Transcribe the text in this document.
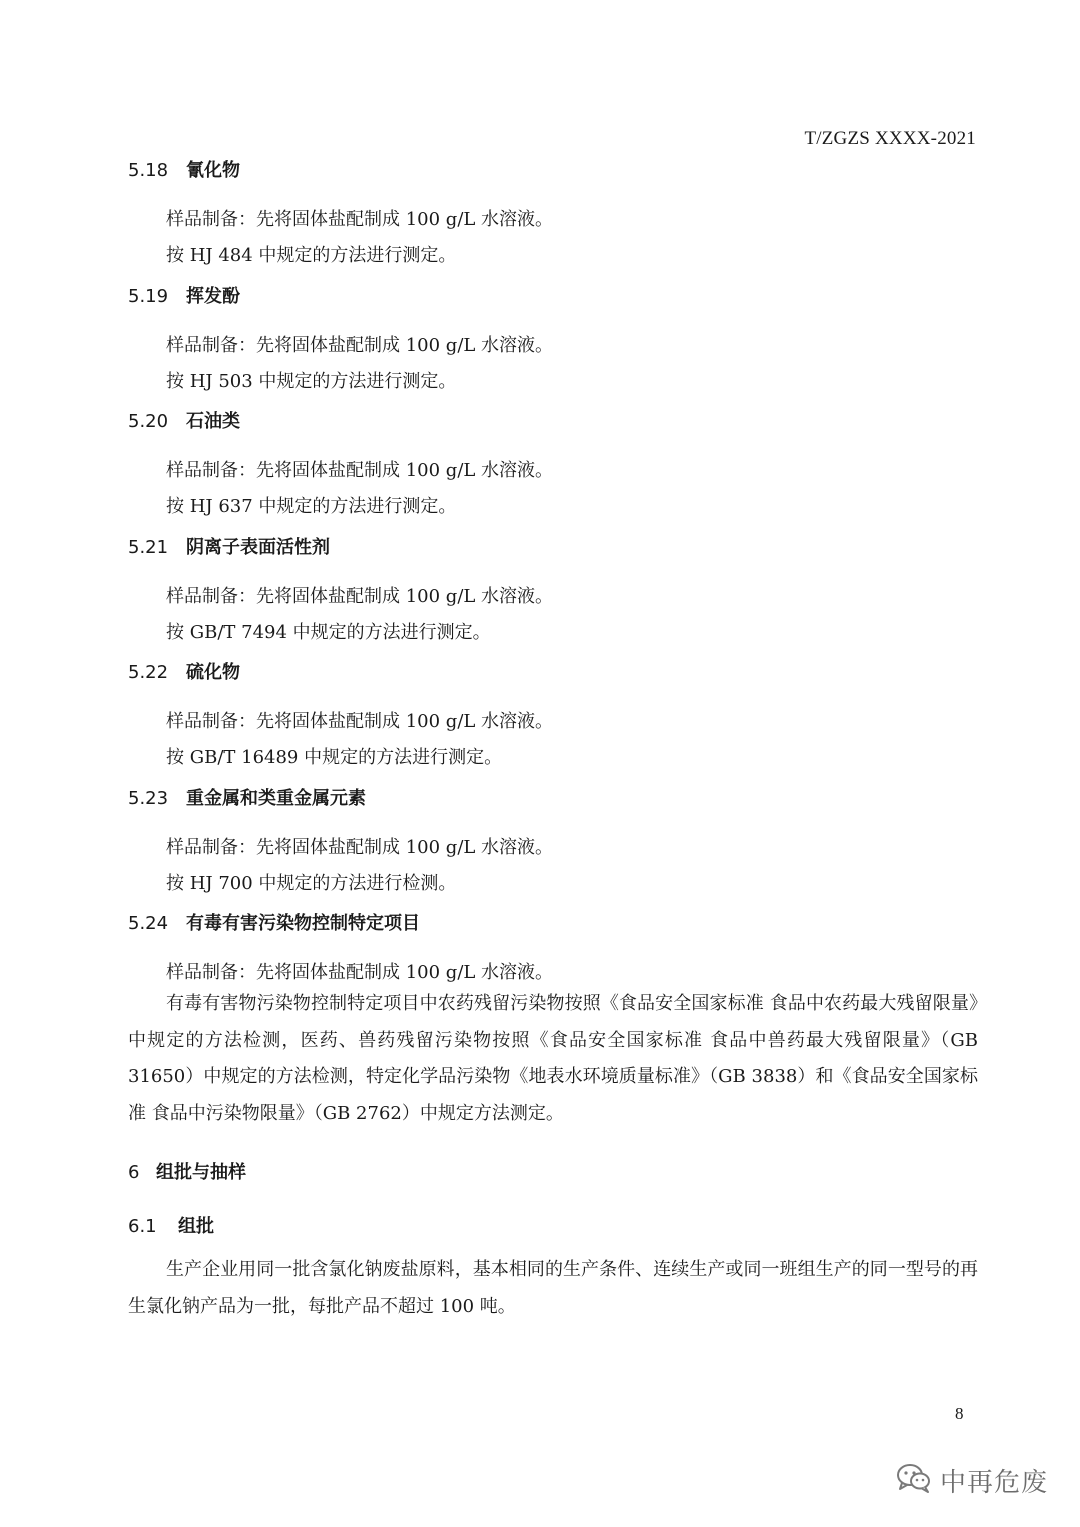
T/ZGZS XXXX-2021
5.18 氰化物
样品制备：先将固体盐配制成 100 g/L 水溶液。
按 HJ 484 中规定的方法进行测定。
5.19 挥发酚
样品制备：先将固体盐配制成 100 g/L 水溶液。
按 HJ 503 中规定的方法进行测定。
5.20 石油类
样品制备：先将固体盐配制成 100 g/L 水溶液。
按 HJ 637 中规定的方法进行测定。
5.21 阴离子表面活性剂
样品制备：先将固体盐配制成 100 g/L 水溶液。
按 GB/T 7494 中规定的方法进行测定。
5.22 硫化物
样品制备：先将固体盐配制成 100 g/L 水溶液。
按 GB/T 16489 中规定的方法进行测定。
5.23 重金属和类重金属元素
样品制备：先将固体盐配制成 100 g/L 水溶液。
按 HJ 700 中规定的方法进行检测。
5.24 有毒有害污染物控制特定项目
样品制备：先将固体盐配制成 100 g/L 水溶液。
有毒有害物污染物控制特定项目中农药残留污染物按照《食品安全国家标准 食品中农药最大残留限量》中规定的方法检测，医药、兽药残留污染物按照《食品安全国家标准 食品中兽药最大残留限量》（GB 31650）中规定的方法检测，特定化学品污染物《地表水环境质量标准》（GB 3838）和《食品安全国家标准 食品中污染物限量》（GB 2762）中规定方法测定。
6 组批与抽样
6.1 组批
生产企业用同一批含氯化钠废盐原料，基本相同的生产条件、连续生产或同一班组生产的同一型号的再生氯化钠产品为一批，每批产品不超过 100 吨。
8
中再危废
